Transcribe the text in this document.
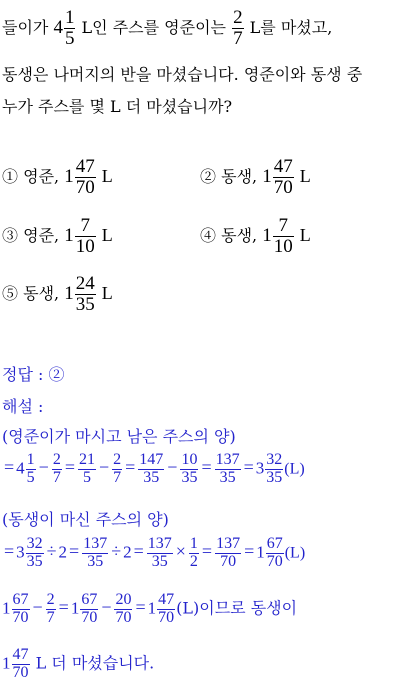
들이가 $4 \frac{1}{5}$ L인 주스를 영준이는 $\frac{2}{7}$ L를 마셨고,
동생은 나머지의 반을 마셨습니다. 영준이와 동생 중
누가 주스를 몇 L 더 마셨습니까?
① 영준, $1 \frac{47}{70}$ L	② 동생, $1 \frac{47}{70}$ L
③ 영준, $1 \frac{7}{10}$ L	④ 동생, $1 \frac{7}{10}$ L
⑤ 동생, $1 \frac{24}{35}$ L
정답 : ②
해설 :
(영준이가 마시고 남은 주스의 양)
= $4 \frac{1}{5} - \frac{2}{7} = \frac{21}{5} - \frac{2}{7} = \frac{147}{35} - \frac{10}{35} = \frac{137}{35} = 3 \frac{32}{35} (L)$
(동생이 마신 주스의 양)
= $3 \frac{32}{35} \div 2 = \frac{137}{35} \div 2 = \frac{137}{35} \times \frac{1}{2} = \frac{137}{70} = 1 \frac{67}{70} (L)$
$1 \frac{67}{70} - \frac{2}{7} = 1 \frac{67}{70} - \frac{20}{70} = 1 \frac{47}{70} (L)$이므로 동생이
$1 \frac{47}{70}$ L 더 마셨습니다.
